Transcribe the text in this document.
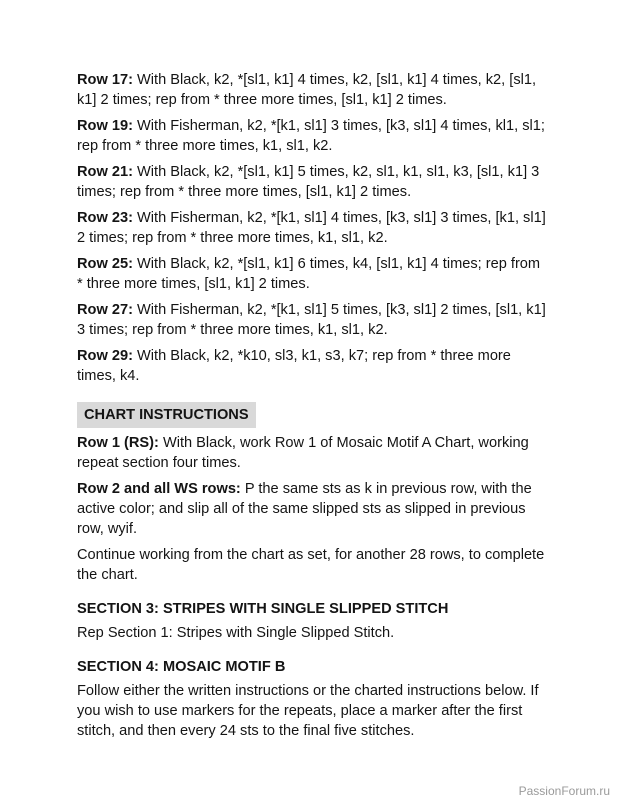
Row 17: With Black, k2, *[sl1, k1] 4 times, k2, [sl1, k1] 4 times, k2, [sl1, k1] 2 times; rep from * three more times, [sl1, k1] 2 times.

Row 19: With Fisherman, k2, *[k1, sl1] 3 times, [k3, sl1] 4 times, kl1, sl1; rep from * three more times, k1, sl1, k2.

Row 21: With Black, k2, *[sl1, k1] 5 times, k2, sl1, k1, sl1, k3, [sl1, k1] 3 times; rep from * three more times, [sl1, k1] 2 times.

Row 23: With Fisherman, k2, *[k1, sl1] 4 times, [k3, sl1] 3 times, [k1, sl1] 2 times; rep from * three more times, k1, sl1, k2.

Row 25: With Black, k2, *[sl1, k1] 6 times, k4, [sl1, k1] 4 times; rep from * three more times, [sl1, k1] 2 times.

Row 27: With Fisherman, k2, *[k1, sl1] 5 times, [k3, sl1] 2 times, [sl1, k1] 3 times; rep from * three more times, k1, sl1, k2.

Row 29: With Black, k2, *k10, sl3, k1, s3, k7; rep from * three more times, k4.

CHART INSTRUCTIONS

Row 1 (RS): With Black, work Row 1 of Mosaic Motif A Chart, working repeat section four times.

Row 2 and all WS rows: P the same sts as k in previous row, with the active color; and slip all of the same slipped sts as slipped in previous row, wyif.

Continue working from the chart as set, for another 28 rows, to complete the chart.

SECTION 3: STRIPES WITH SINGLE SLIPPED STITCH

Rep Section 1: Stripes with Single Slipped Stitch.

SECTION 4: MOSAIC MOTIF B

Follow either the written instructions or the charted instructions below. If you wish to use markers for the repeats, place a marker after the first stitch, and then every 24 sts to the final five stitches.

PassionForum.ru
